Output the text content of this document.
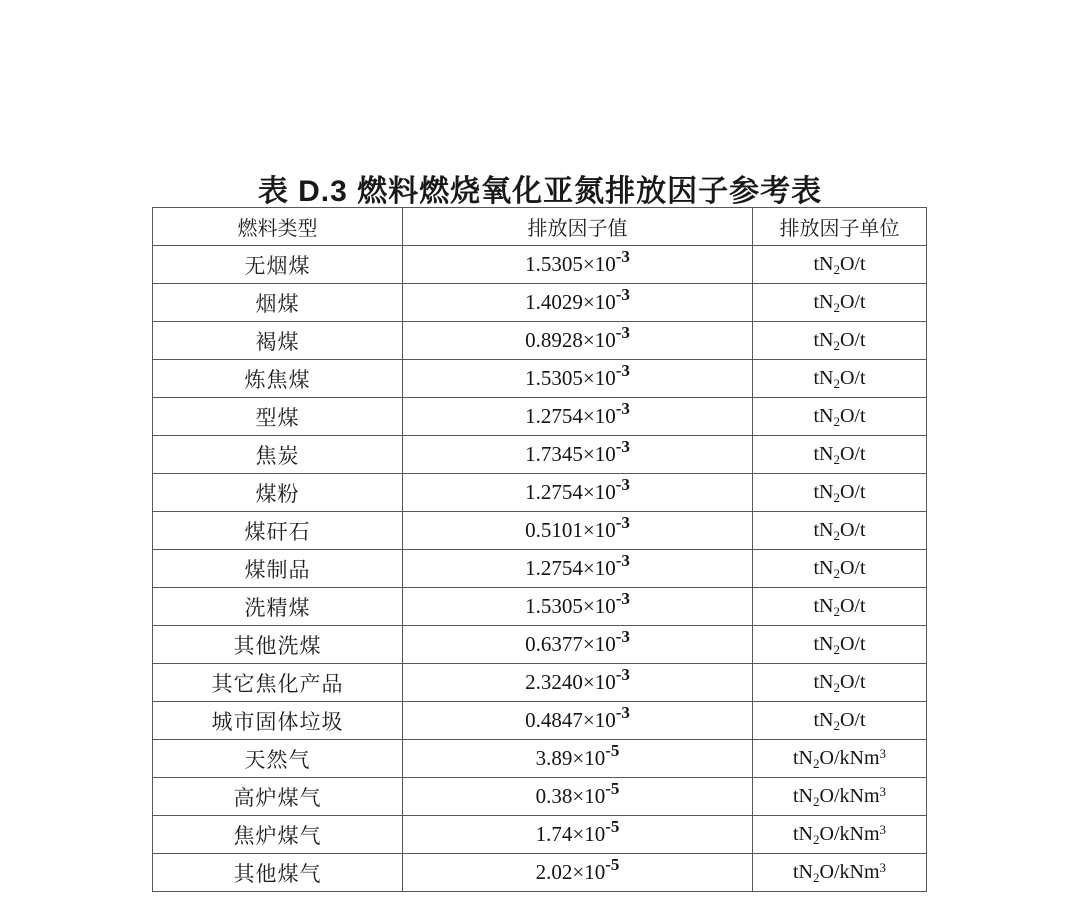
表 D.3 燃料燃烧氧化亚氮排放因子参考表
燃料类型	排放因子值	排放因子单位
无烟煤	$1.5305\times 10^{-3}$	$tN_2O/t$
烟煤	$1.4029\times 10^{-3}$	$tN_2O/t$
褐煤	$0.8928\times 10^{-3}$	$tN_2O/t$
炼焦煤	$1.5305\times 10^{-3}$	$tN_2O/t$
型煤	$1.2754\times 10^{-3}$	$tN_2O/t$
焦炭	$1.7345\times 10^{-3}$	$tN_2O/t$
煤粉	$1.2754\times 10^{-3}$	$tN_2O/t$
煤矸石	$0.5101\times 10^{-3}$	$tN_2O/t$
煤制品	$1.2754\times 10^{-3}$	$tN_2O/t$
洗精煤	$1.5305\times 10^{-3}$	$tN_2O/t$
其他洗煤	$0.6377\times 10^{-3}$	$tN_2O/t$
其它焦化产品	$2.3240\times 10^{-3}$	$tN_2O/t$
城市固体垃圾	$0.4847\times 10^{-3}$	$tN_2O/t$
天然气	$3.89\times 10^{-5}$	$tN_2O/kNm^3$
高炉煤气	$0.38\times 10^{-5}$	$tN_2O/kNm^3$
焦炉煤气	$1.74\times 10^{-5}$	$tN_2O/kNm^3$
其他煤气	$2.02\times 10^{-5}$	$tN_2O/kNm^3$
